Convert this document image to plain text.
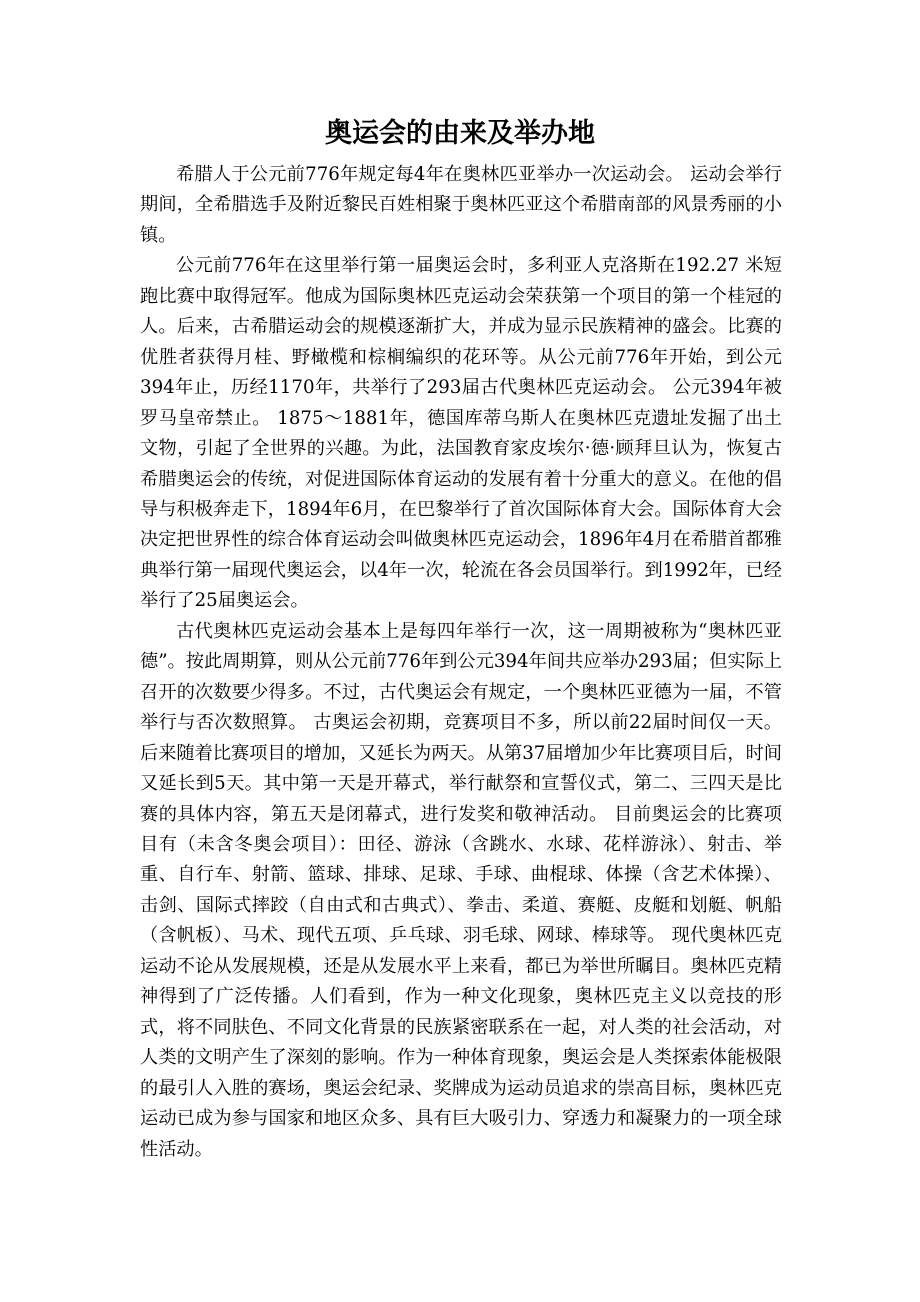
奥运会的由来及举办地

希腊人于公元前776年规定每4年在奥林匹亚举办一次运动会。 运动会举行期间，全希腊选手及附近黎民百姓相聚于奥林匹亚这个希腊南部的风景秀丽的小镇。

公元前776年在这里举行第一届奥运会时，多利亚人克洛斯在192.27 米短跑比赛中取得冠军。他成为国际奥林匹克运动会荣获第一个项目的第一个桂冠的人。后来，古希腊运动会的规模逐渐扩大，并成为显示民族精神的盛会。比赛的优胜者获得月桂、野橄榄和棕榈编织的花环等。从公元前776年开始，到公元394年止，历经1170年，共举行了293届古代奥林匹克运动会。 公元394年被罗马皇帝禁止。 1875～1881年，德国库蒂乌斯人在奥林匹克遗址发掘了出土文物，引起了全世界的兴趣。为此，法国教育家皮埃尔·德·顾拜旦认为，恢复古希腊奥运会的传统，对促进国际体育运动的发展有着十分重大的意义。在他的倡导与积极奔走下，1894年6月，在巴黎举行了首次国际体育大会。国际体育大会决定把世界性的综合体育运动会叫做奥林匹克运动会，1896年4月在希腊首都雅典举行第一届现代奥运会，以4年一次，轮流在各会员国举行。到1992年，已经举行了25届奥运会。

古代奥林匹克运动会基本上是每四年举行一次，这一周期被称为“奥林匹亚德”。按此周期算，则从公元前776年到公元394年间共应举办293届；但实际上召开的次数要少得多。不过，古代奥运会有规定，一个奥林匹亚德为一届，不管举行与否次数照算。 古奥运会初期，竞赛项目不多，所以前22届时间仅一天。后来随着比赛项目的增加，又延长为两天。从第37届增加少年比赛项目后，时间又延长到5天。其中第一天是开幕式，举行献祭和宣誓仪式，第二、三四天是比赛的具体内容，第五天是闭幕式，进行发奖和敬神活动。 目前奥运会的比赛项目有（未含冬奥会项目）：田径、游泳（含跳水、水球、花样游泳）、射击、举重、自行车、射箭、篮球、排球、足球、手球、曲棍球、体操（含艺术体操）、击剑、国际式摔跤（自由式和古典式）、拳击、柔道、赛艇、皮艇和划艇、帆船（含帆板）、马术、现代五项、乒乓球、羽毛球、网球、棒球等。 现代奥林匹克运动不论从发展规模，还是从发展水平上来看，都已为举世所瞩目。奥林匹克精神得到了广泛传播。人们看到，作为一种文化现象，奥林匹克主义以竞技的形式，将不同肤色、不同文化背景的民族紧密联系在一起，对人类的社会活动，对人类的文明产生了深刻的影响。作为一种体育现象，奥运会是人类探索体能极限的最引人入胜的赛场，奥运会纪录、奖牌成为运动员追求的崇高目标，奥林匹克运动已成为参与国家和地区众多、具有巨大吸引力、穿透力和凝聚力的一项全球性活动。
